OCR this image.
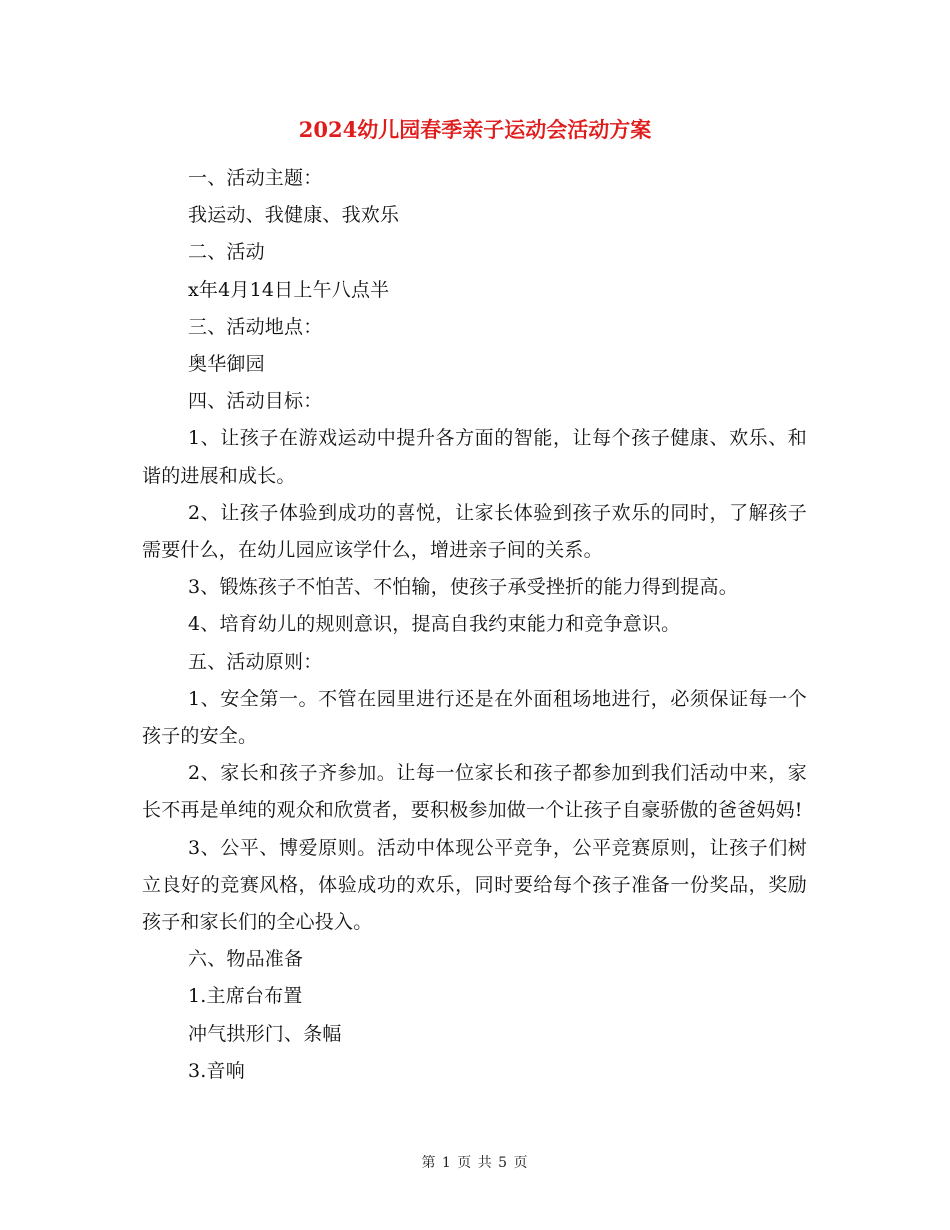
2024幼儿园春季亲子运动会活动方案

一、活动主题：

我运动、我健康、我欢乐

二、活动

x年4月14日上午八点半

三、活动地点：

奥华御园

四、活动目标：

1、让孩子在游戏运动中提升各方面的智能，让每个孩子健康、欢乐、和谐的进展和成长。

2、让孩子体验到成功的喜悦，让家长体验到孩子欢乐的同时，了解孩子需要什么，在幼儿园应该学什么，增进亲子间的关系。

3、锻炼孩子不怕苦、不怕输，使孩子承受挫折的能力得到提高。

4、培育幼儿的规则意识，提高自我约束能力和竞争意识。

五、活动原则：

1、安全第一。不管在园里进行还是在外面租场地进行，必须保证每一个孩子的安全。

2、家长和孩子齐参加。让每一位家长和孩子都参加到我们活动中来，家长不再是单纯的观众和欣赏者，要积极参加做一个让孩子自豪骄傲的爸爸妈妈!

3、公平、博爱原则。活动中体现公平竞争，公平竞赛原则，让孩子们树立良好的竞赛风格，体验成功的欢乐，同时要给每个孩子准备一份奖品，奖励孩子和家长们的全心投入。

六、物品准备

1.主席台布置

冲气拱形门、条幅

3.音响

第 1 页 共 5 页
